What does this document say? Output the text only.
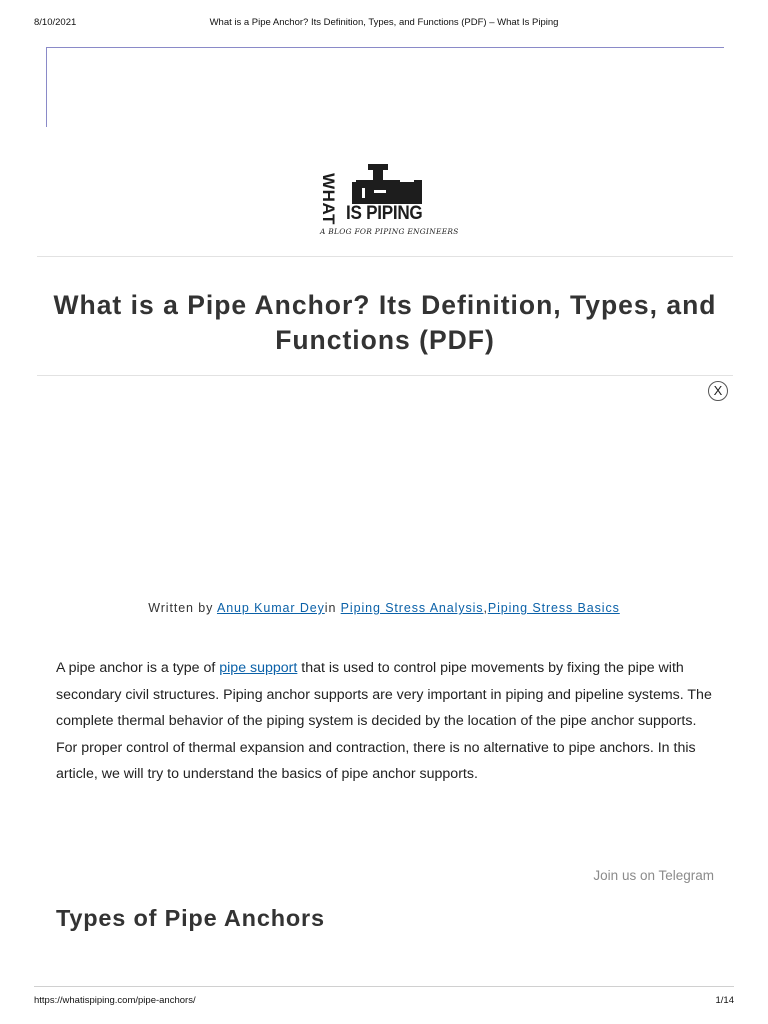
8/10/2021	What is a Pipe Anchor? Its Definition, Types, and Functions (PDF) – What Is Piping
WHAT IS PIPING
A BLOG FOR PIPING ENGINEERS
What is a Pipe Anchor? Its Definition, Types, and Functions (PDF)
X
Written by Anup Kumar Deyin Piping Stress Analysis,Piping Stress Basics

A pipe anchor is a type of pipe support that is used to control pipe movements by fixing the pipe with secondary civil structures. Piping anchor supports are very important in piping and pipeline systems. The complete thermal behavior of the piping system is decided by the location of the pipe anchor supports. For proper control of thermal expansion and contraction, there is no alternative to pipe anchors. In this article, we will try to understand the basics of pipe anchor supports.

Join us on Telegram
Types of Pipe Anchors
https://whatispiping.com/pipe-anchors/	1/14
